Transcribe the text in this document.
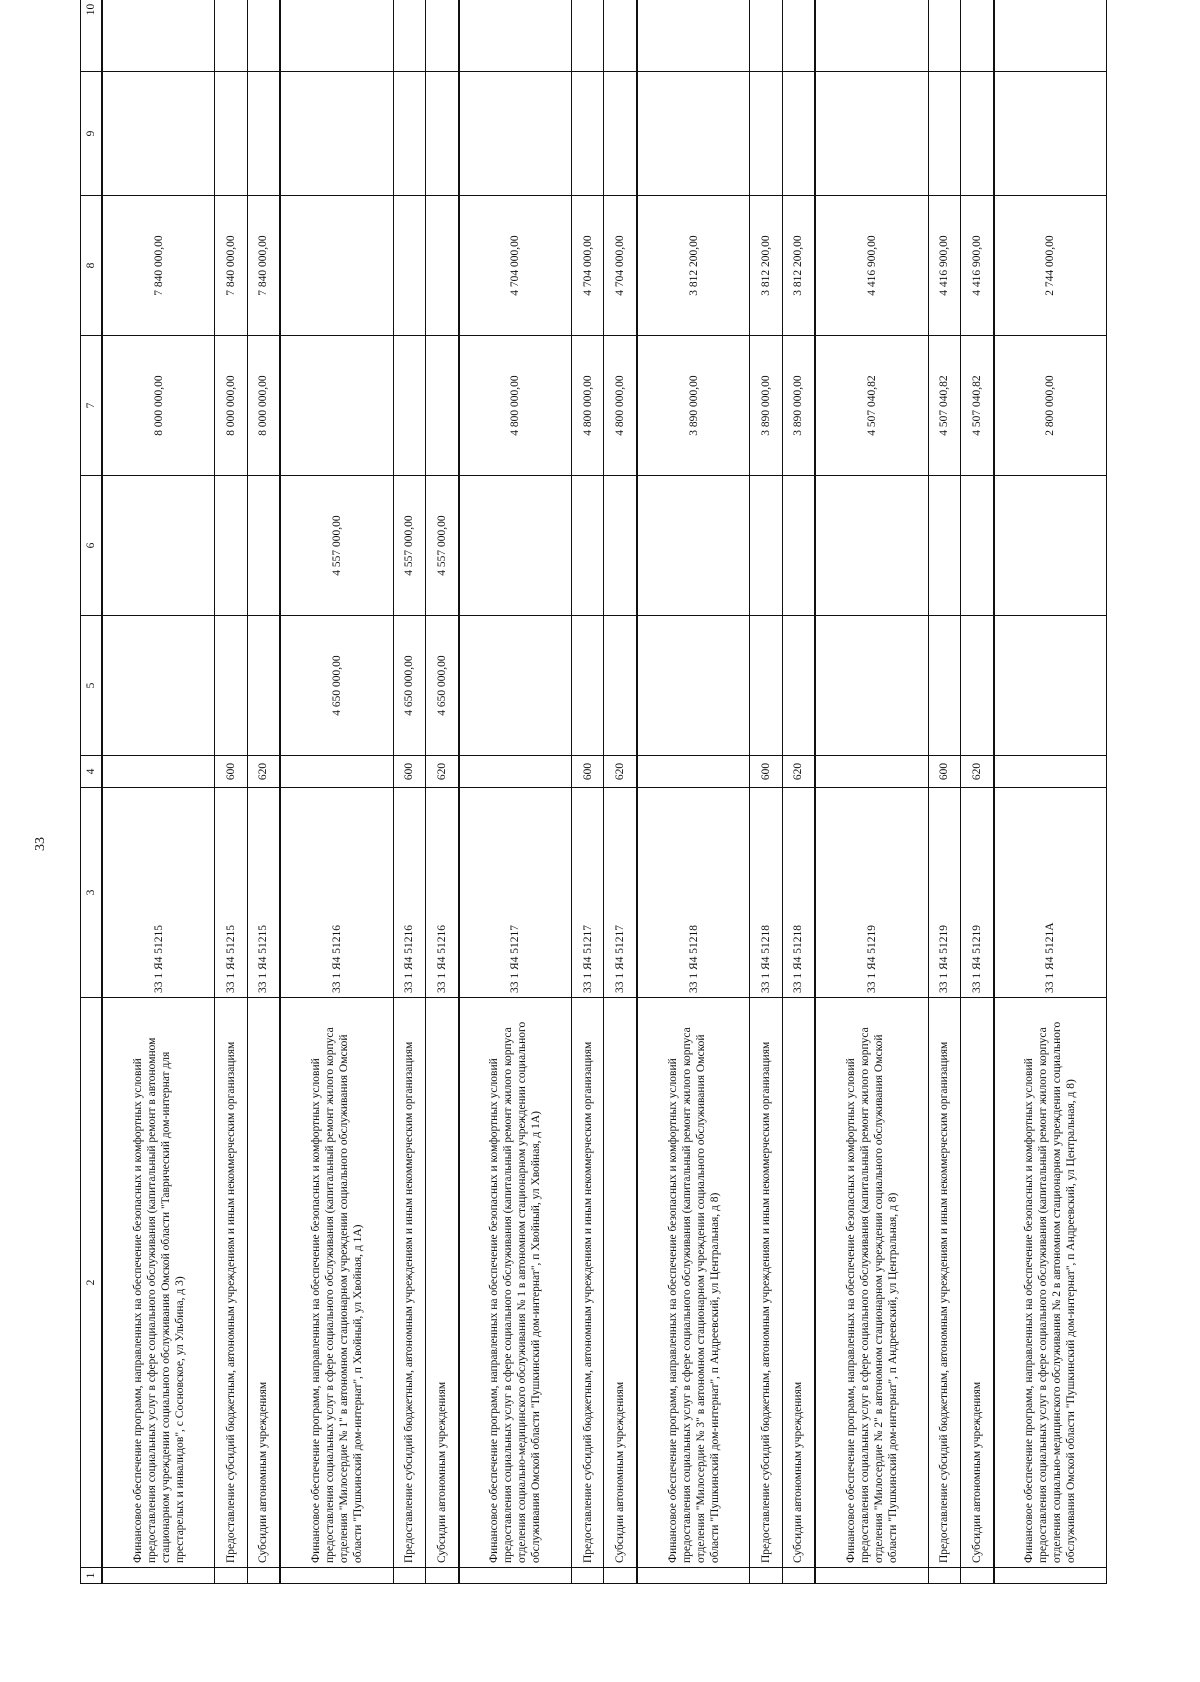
33
1	2	3	4	5	6	7	8	9	10
	Финансовое обеспечение программ, направленных на обеспечение безопасных и комфортных условий предоставления социальных услуг в сфере социального обслуживания (капитальный ремонт в автономном стационарном учреждении социального обслуживания Омской области "Таврический дом-интернат для престарелых и инвалидов", с Сосновское, ул Ульбина, д 3)	33 1 Я4 51215				8 000 000,00	7 840 000,00		
	Предоставление субсидий бюджетным, автономным учреждениям и иным некоммерческим организациям	33 1 Я4 51215	600			8 000 000,00	7 840 000,00		
	Субсидии автономным учреждениям	33 1 Я4 51215	620			8 000 000,00	7 840 000,00		
	Финансовое обеспечение программ, направленных на обеспечение безопасных и комфортных условий предоставления социальных услуг в сфере социального обслуживания (капитальный ремонт жилого корпуса отделения "Милосердие № 1" в автономном стационарном учреждении социального обслуживания Омской области "Пушкинский дом-интернат", п Хвойный, ул Хвойная, д 1А)	33 1 Я4 51216		4 650 000,00	4 557 000,00				
	Предоставление субсидий бюджетным, автономным учреждениям и иным некоммерческим организациям	33 1 Я4 51216	600	4 650 000,00	4 557 000,00				
	Субсидии автономным учреждениям	33 1 Я4 51216	620	4 650 000,00	4 557 000,00				
	Финансовое обеспечение программ, направленных на обеспечение безопасных и комфортных условий предоставления социальных услуг в сфере социального обслуживания (капитальный ремонт жилого корпуса отделения социально-медицинского обслуживания № 1 в автономном стационарном учреждении социального обслуживания Омской области "Пушкинский дом-интернат", п Хвойный, ул Хвойная, д 1А)	33 1 Я4 51217				4 800 000,00	4 704 000,00		
	Предоставление субсидий бюджетным, автономным учреждениям и иным некоммерческим организациям	33 1 Я4 51217	600			4 800 000,00	4 704 000,00		
	Субсидии автономным учреждениям	33 1 Я4 51217	620			4 800 000,00	4 704 000,00		
	Финансовое обеспечение программ, направленных на обеспечение безопасных и комфортных условий предоставления социальных услуг в сфере социального обслуживания (капитальный ремонт жилого корпуса отделения "Милосердие № 3" в автономном стационарном учреждении социального обслуживания Омской области "Пушкинский дом-интернат", п Андреевский, ул Центральная, д 8)	33 1 Я4 51218				3 890 000,00	3 812 200,00		
	Предоставление субсидий бюджетным, автономным учреждениям и иным некоммерческим организациям	33 1 Я4 51218	600			3 890 000,00	3 812 200,00		
	Субсидии автономным учреждениям	33 1 Я4 51218	620			3 890 000,00	3 812 200,00		
	Финансовое обеспечение программ, направленных на обеспечение безопасных и комфортных условий предоставления социальных услуг в сфере социального обслуживания (капитальный ремонт жилого корпуса отделения "Милосердие № 2" в автономном стационарном учреждении социального обслуживания Омской области "Пушкинский дом-интернат", п Андреевский, ул Центральная, д 8)	33 1 Я4 51219				4 507 040,82	4 416 900,00		
	Предоставление субсидий бюджетным, автономным учреждениям и иным некоммерческим организациям	33 1 Я4 51219	600			4 507 040,82	4 416 900,00		
	Субсидии автономным учреждениям	33 1 Я4 51219	620			4 507 040,82	4 416 900,00		
	Финансовое обеспечение программ, направленных на обеспечение безопасных и комфортных условий предоставления социальных услуг в сфере социального обслуживания (капитальный ремонт жилого корпуса отделения социально-медицинского обслуживания № 2 в автономном стационарном учреждении социального обслуживания Омской области "Пушкинский дом-интернат", п Андреевский, ул Центральная, д 8)	33 1 Я4 5121А				2 800 000,00	2 744 000,00		
